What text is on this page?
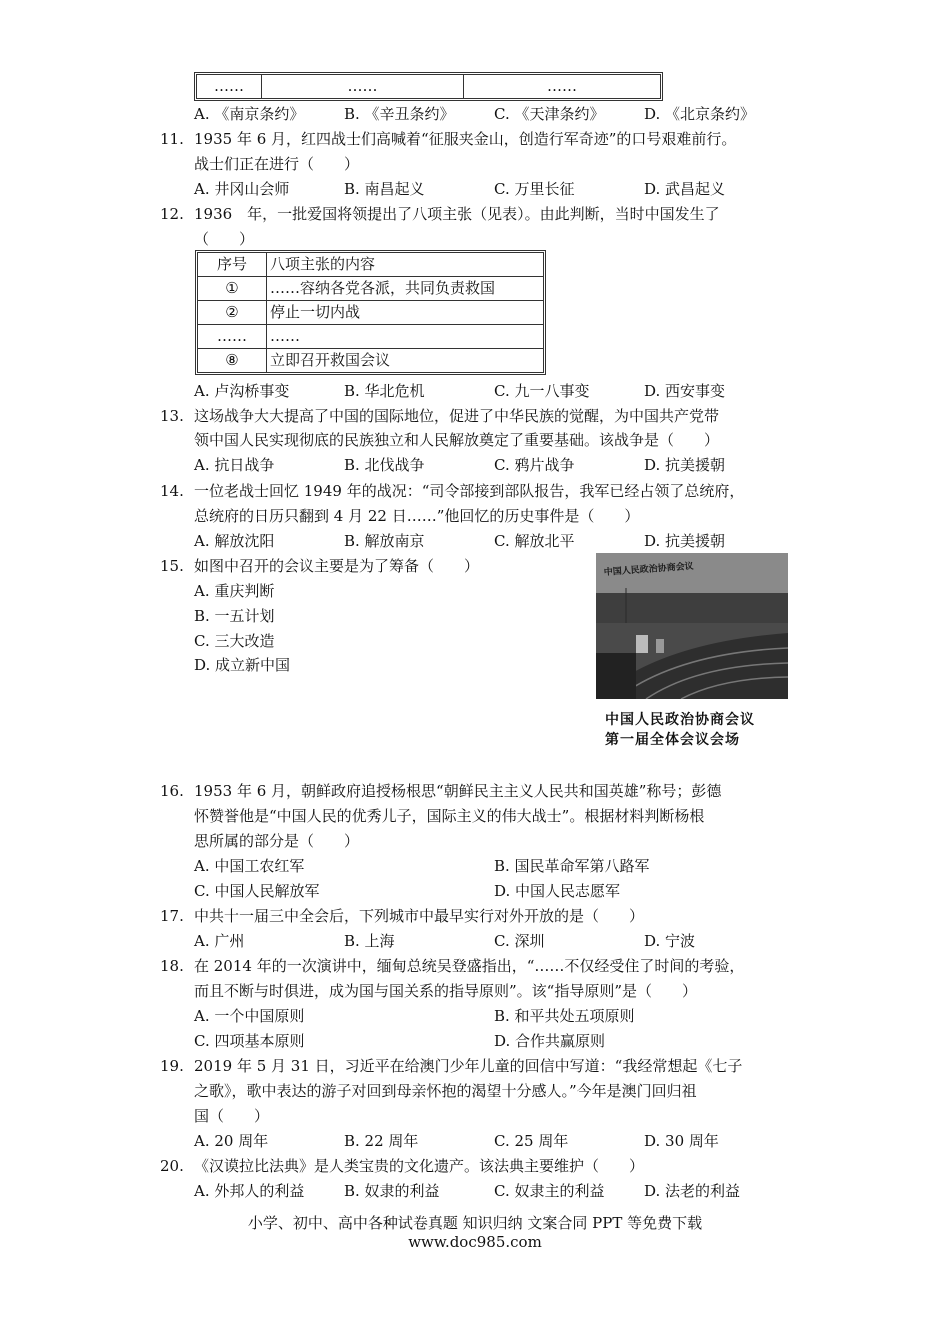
……	……	……
A. 《南京条约》	B. 《辛丑条约》	C. 《天津条约》	D. 《北京条约》
11. 1935 年 6 月，红四战士们高喊着“征服夹金山，创造行军奇迹”的口号艰难前行。
战士们正在进行（　　）
A. 井冈山会师	B. 南昌起义	C. 万里长征	D. 武昌起义
12. 1936　年，一批爱国将领提出了八项主张（见表）。由此判断，当时中国发生了
（　　）
序号	八项主张的内容
①	……容纳各党各派，共同负责救国
②	停止一切内战
……	……
⑧	立即召开救国会议
A. 卢沟桥事变	B. 华北危机	C. 九一八事变	D. 西安事变
13. 这场战争大大提高了中国的国际地位，促进了中华民族的觉醒，为中国共产党带
领中国人民实现彻底的民族独立和人民解放奠定了重要基础。该战争是（　　）
A. 抗日战争	B. 北伐战争	C. 鸦片战争	D. 抗美援朝
14. 一位老战士回忆 1949 年的战况：“司令部接到部队报告，我军已经占领了总统府，
总统府的日历只翻到 4 月 22 日……”他回忆的历史事件是（　　）
A. 解放沈阳	B. 解放南京	C. 解放北平	D. 抗美援朝
15. 如图中召开的会议主要是为了筹备（　　）
A. 重庆判断
B. 一五计划
C. 三大改造
D. 成立新中国
中国人民政治协商会议
中国人民政治协商会议
第一届全体会议会场
16. 1953 年 6 月，朝鲜政府追授杨根思“朝鲜民主主义人民共和国英雄”称号；彭德
怀赞誉他是“中国人民的优秀儿子，国际主义的伟大战士”。根据材料判断杨根
思所属的部分是（　　）
A. 中国工农红军	B. 国民革命军第八路军
C. 中国人民解放军	D. 中国人民志愿军
17. 中共十一届三中全会后，下列城市中最早实行对外开放的是（　　）
A. 广州	B. 上海	C. 深圳	D. 宁波
18. 在 2014 年的一次演讲中，缅甸总统吴登盛指出，“……不仅经受住了时间的考验，
而且不断与时俱进，成为国与国关系的指导原则”。该“指导原则”是（　　）
A. 一个中国原则	B. 和平共处五项原则
C. 四项基本原则	D. 合作共赢原则
19. 2019 年 5 月 31 日，习近平在给澳门少年儿童的回信中写道：“我经常想起《七子
之歌》，歌中表达的游子对回到母亲怀抱的渴望十分感人。”今年是澳门回归祖
国（　　）
A. 20 周年	B. 22 周年	C. 25 周年	D. 30 周年
20. 《汉谟拉比法典》是人类宝贵的文化遗产。该法典主要维护（　　）
A. 外邦人的利益	B. 奴隶的利益	C. 奴隶主的利益	D. 法老的利益
小学、初中、高中各种试卷真题 知识归纳 文案合同 PPT 等免费下载
www.doc985.com
